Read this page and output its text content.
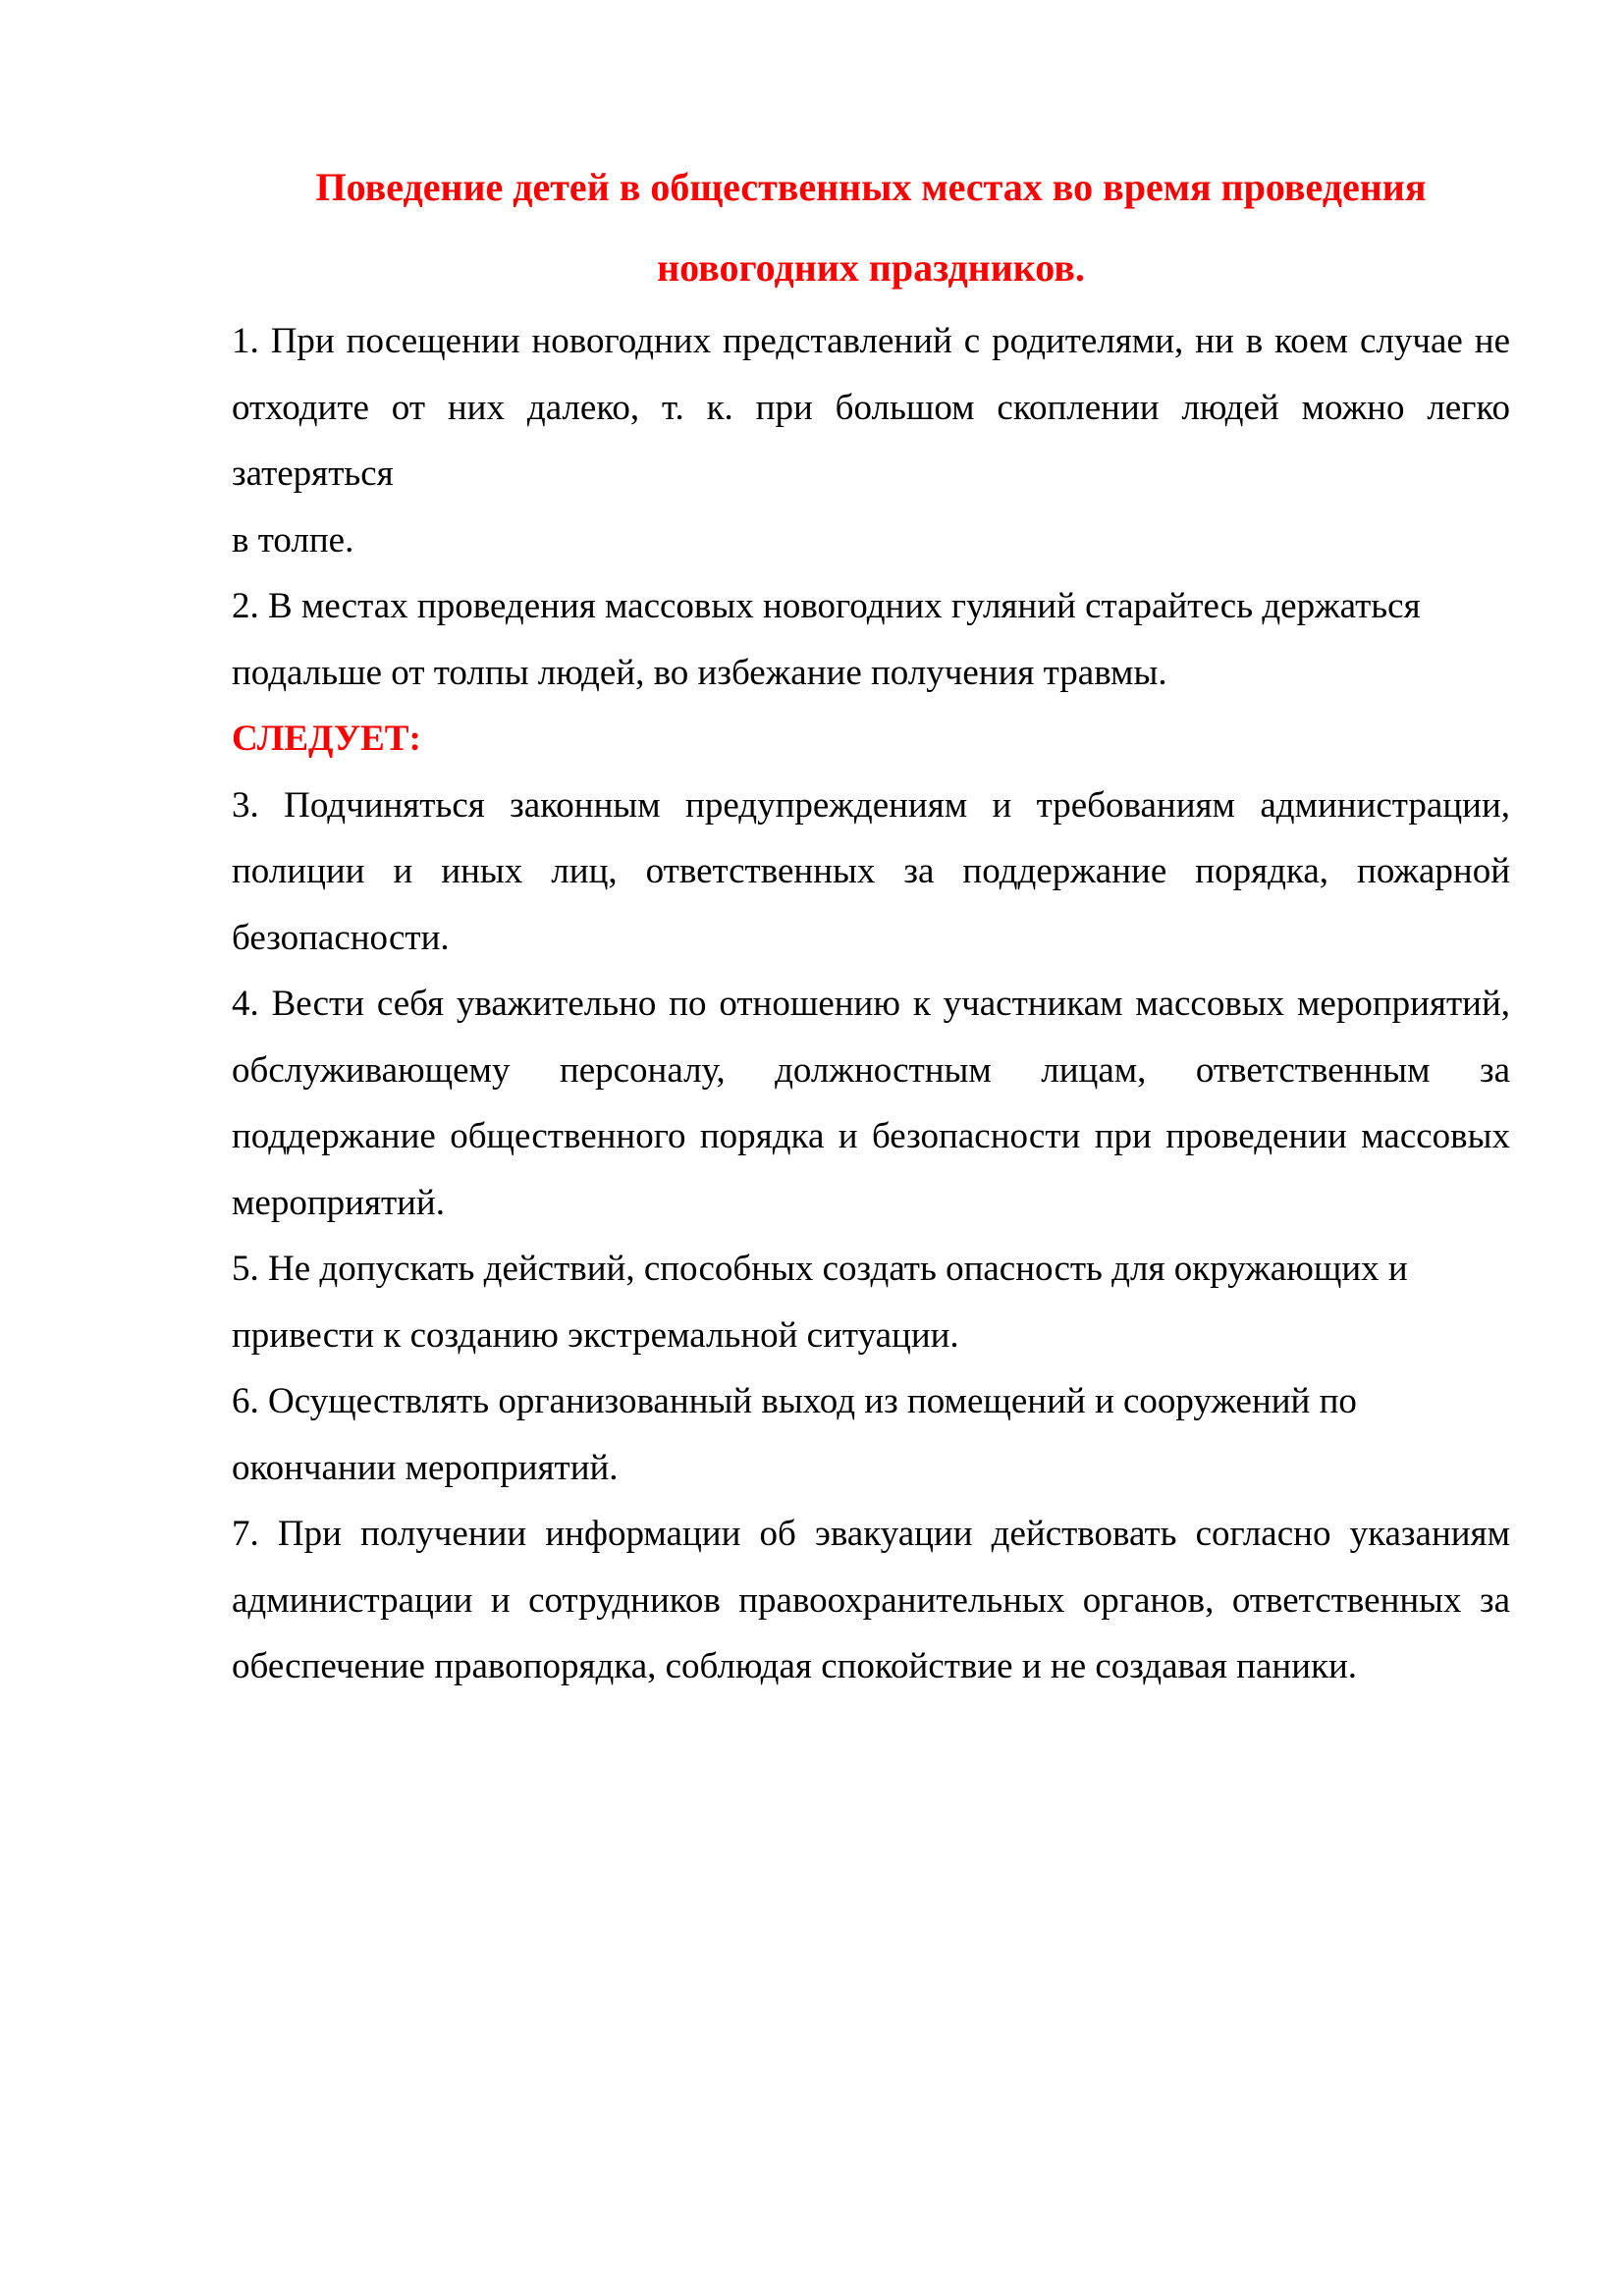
Поведение детей в общественных местах во время проведения новогодних праздников.

1. При посещении новогодних представлений с родителями, ни в коем случае не отходите от них далеко, т. к. при большом скоплении людей можно легко затеряться
в толпе.

2. В местах проведения массовых новогодних гуляний старайтесь держаться подальше от толпы людей, во избежание получения травмы.

СЛЕДУЕТ:

3. Подчиняться законным предупреждениям и требованиям администрации, полиции и иных лиц, ответственных за поддержание порядка, пожарной безопасности.

4. Вести себя уважительно по отношению к участникам массовых мероприятий, обслуживающему персоналу, должностным лицам, ответственным за поддержание общественного порядка и безопасности при проведении массовых мероприятий.

5. Не допускать действий, способных создать опасность для окружающих и привести к созданию экстремальной ситуации.

6. Осуществлять организованный выход из помещений и сооружений по окончании мероприятий.

7. При получении информации об эвакуации действовать согласно указаниям администрации и сотрудников правоохранительных органов, ответственных за обеспечение правопорядка, соблюдая спокойствие и не создавая паники.
